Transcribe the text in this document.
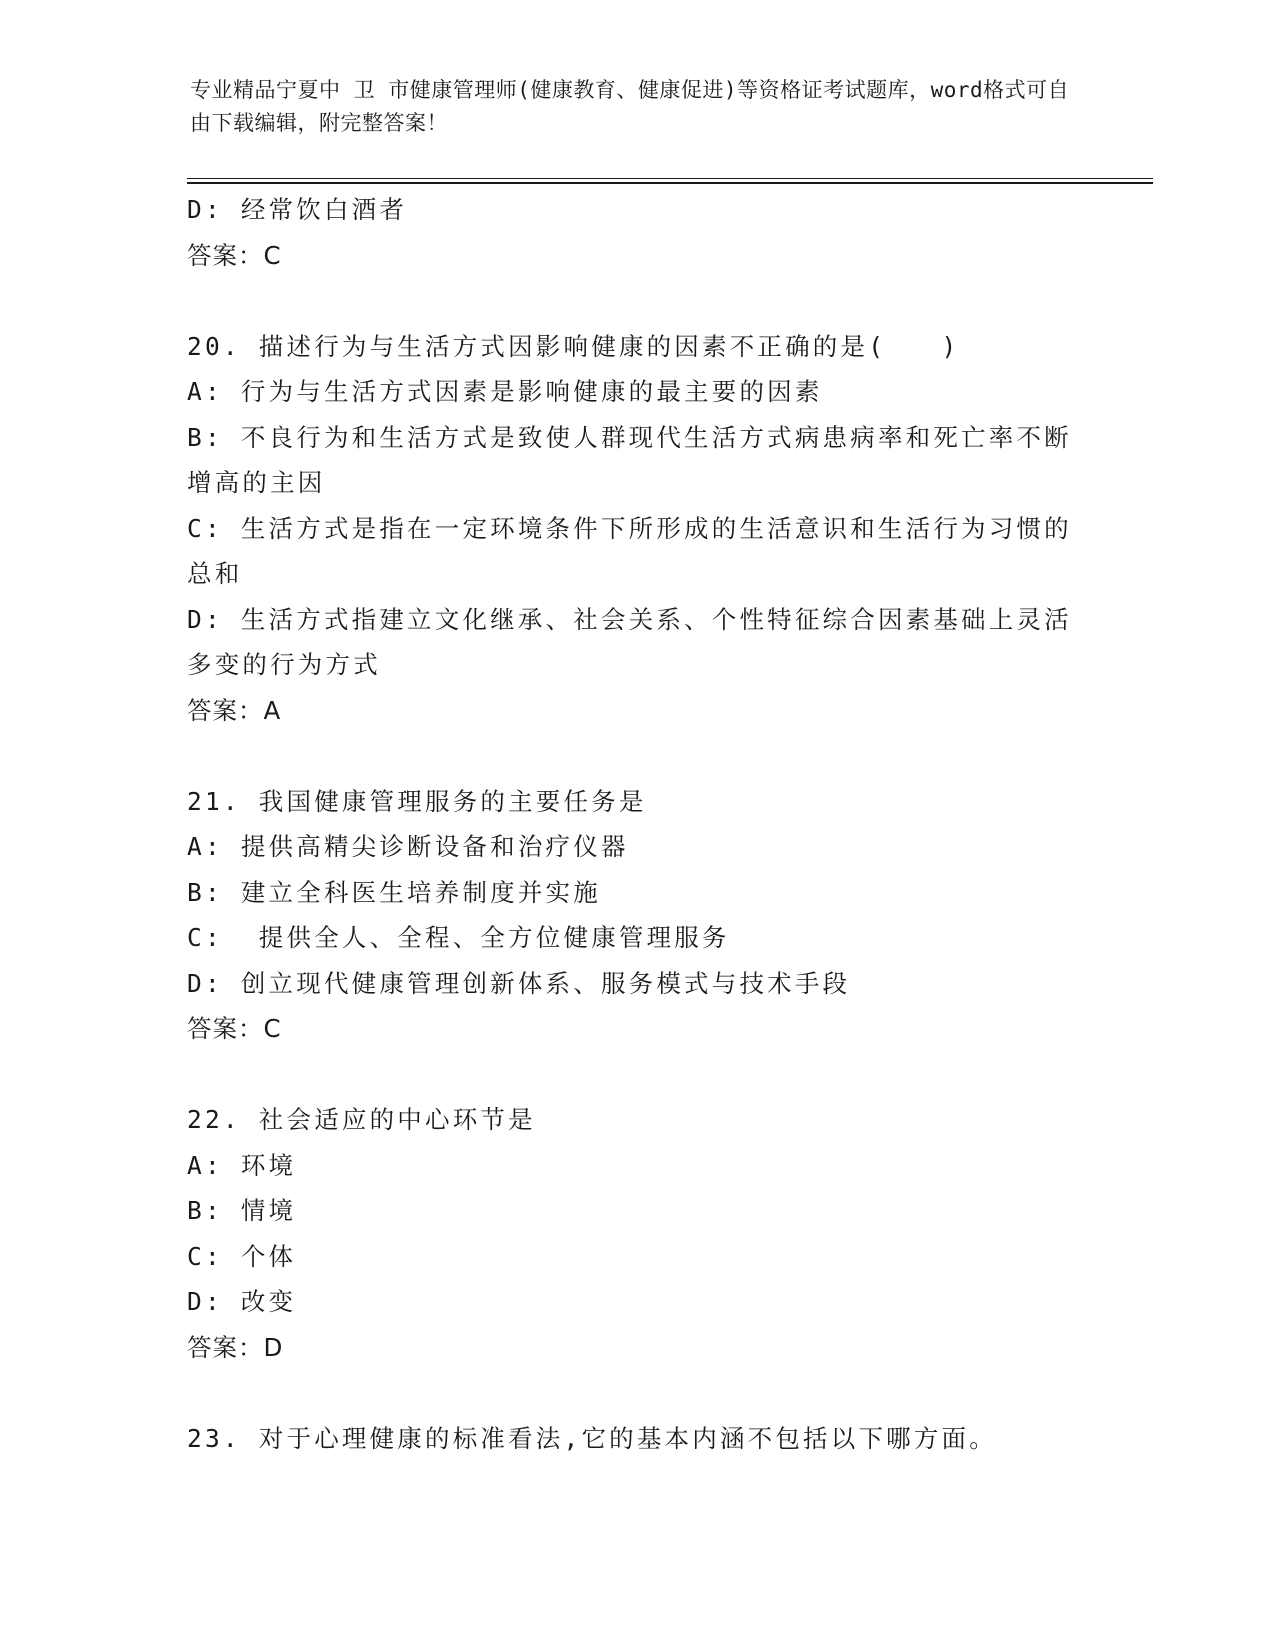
专业精品宁夏中 卫 市健康管理师(健康教育、健康促进)等资格证考试题库，word格式可自由下载编辑，附完整答案！
D: 经常饮白酒者
答案：C
20. 描述行为与生活方式因影响健康的因素不正确的是(　　)
A: 行为与生活方式因素是影响健康的最主要的因素
B: 不良行为和生活方式是致使人群现代生活方式病患病率和死亡率不断增高的主因
C: 生活方式是指在一定环境条件下所形成的生活意识和生活行为习惯的总和
D: 生活方式指建立文化继承、社会关系、个性特征综合因素基础上灵活多变的行为方式
答案：A
21. 我国健康管理服务的主要任务是
A: 提供高精尖诊断设备和治疗仪器
B: 建立全科医生培养制度并实施
C:  提供全人、全程、全方位健康管理服务
D: 创立现代健康管理创新体系、服务模式与技术手段
答案：C
22. 社会适应的中心环节是
A: 环境
B: 情境
C: 个体
D: 改变
答案：D
23. 对于心理健康的标准看法,它的基本内涵不包括以下哪方面。
